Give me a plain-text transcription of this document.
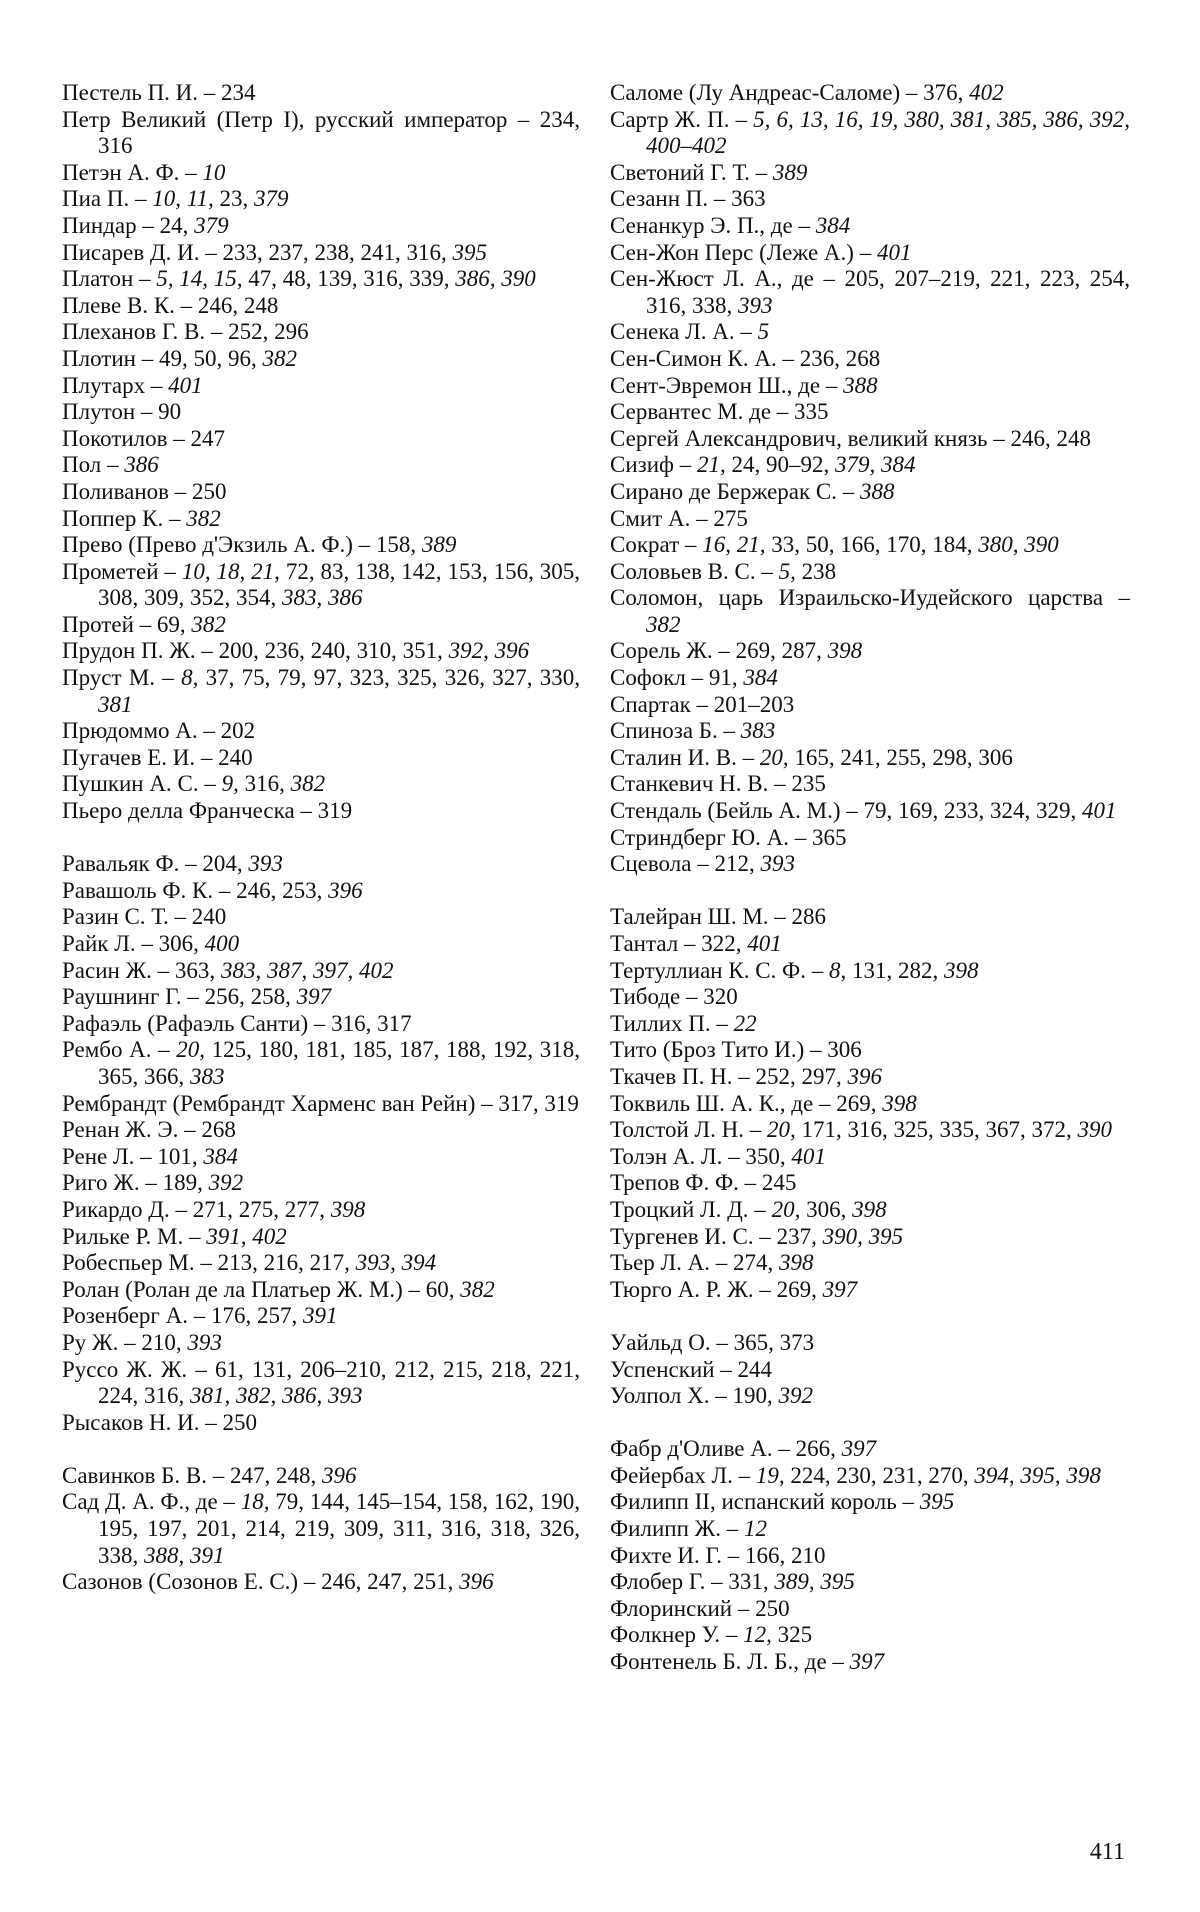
Пестель П. И. – 234
Петр Великий (Петр I), русский император – 234, 316
Петэн А. Ф. – 10
Пиа П. – 10, 11, 23, 379
Пиндар – 24, 379
Писарев Д. И. – 233, 237, 238, 241, 316, 395
Платон – 5, 14, 15, 47, 48, 139, 316, 339, 386, 390
Плеве В. К. – 246, 248
Плеханов Г. В. – 252, 296
Плотин – 49, 50, 96, 382
Плутарх – 401
Плутон – 90
Покотилов – 247
Пол – 386
Поливанов – 250
Поппер К. – 382
Прево (Прево д'Экзиль А. Ф.) – 158, 389
Прометей – 10, 18, 21, 72, 83, 138, 142, 153, 156, 305, 308, 309, 352, 354, 383, 386
Протей – 69, 382
Прудон П. Ж. – 200, 236, 240, 310, 351, 392, 396
Пруст М. – 8, 37, 75, 79, 97, 323, 325, 326, 327, 330, 381
Прюдоммо А. – 202
Пугачев Е. И. – 240
Пушкин А. С. – 9, 316, 382
Пьеро делла Франческа – 319
Равальяк Ф. – 204, 393
Равашоль Ф. К. – 246, 253, 396
Разин С. Т. – 240
Райк Л. – 306, 400
Расин Ж. – 363, 383, 387, 397, 402
Раушнинг Г. – 256, 258, 397
Рафаэль (Рафаэль Санти) – 316, 317
Рембо А. – 20, 125, 180, 181, 185, 187, 188, 192, 318, 365, 366, 383
Рембрандт (Рембрандт Харменс ван Рейн) – 317, 319
Ренан Ж. Э. – 268
Рене Л. – 101, 384
Риго Ж. – 189, 392
Рикардо Д. – 271, 275, 277, 398
Рильке Р. М. – 391, 402
Робеспьер М. – 213, 216, 217, 393, 394
Ролан (Ролан де ла Платьер Ж. М.) – 60, 382
Розенберг А. – 176, 257, 391
Ру Ж. – 210, 393
Руссо Ж. Ж. – 61, 131, 206–210, 212, 215, 218, 221, 224, 316, 381, 382, 386, 393
Рысаков Н. И. – 250
Савинков Б. В. – 247, 248, 396
Сад Д. А. Ф., де – 18, 79, 144, 145–154, 158, 162, 190, 195, 197, 201, 214, 219, 309, 311, 316, 318, 326, 338, 388, 391
Сазонов (Созонов Е. С.) – 246, 247, 251, 396
Саломе (Лу Андреас-Саломе) – 376, 402
Сартр Ж. П. – 5, 6, 13, 16, 19, 380, 381, 385, 386, 392, 400–402
Светоний Г. Т. – 389
Сезанн П. – 363
Сенанкур Э. П., де – 384
Сен-Жон Перс (Леже А.) – 401
Сен-Жюст Л. А., де – 205, 207–219, 221, 223, 254, 316, 338, 393
Сенека Л. А. – 5
Сен-Симон К. А. – 236, 268
Сент-Эвремон Ш., де – 388
Сервантес М. де – 335
Сергей Александрович, великий князь – 246, 248
Сизиф – 21, 24, 90–92, 379, 384
Сирано де Бержерак С. – 388
Смит А. – 275
Сократ – 16, 21, 33, 50, 166, 170, 184, 380, 390
Соловьев В. С. – 5, 238
Соломон, царь Израильско-Иудейского царства – 382
Сорель Ж. – 269, 287, 398
Софокл – 91, 384
Спартак – 201–203
Спиноза Б. – 383
Сталин И. В. – 20, 165, 241, 255, 298, 306
Станкевич Н. В. – 235
Стендаль (Бейль А. М.) – 79, 169, 233, 324, 329, 401
Стриндберг Ю. А. – 365
Сцевола – 212, 393
Талейран Ш. М. – 286
Тантал – 322, 401
Тертуллиан К. С. Ф. – 8, 131, 282, 398
Тибоде – 320
Тиллих П. – 22
Тито (Броз Тито И.) – 306
Ткачев П. Н. – 252, 297, 396
Токвиль Ш. А. К., де – 269, 398
Толстой Л. Н. – 20, 171, 316, 325, 335, 367, 372, 390
Толэн А. Л. – 350, 401
Трепов Ф. Ф. – 245
Троцкий Л. Д. – 20, 306, 398
Тургенев И. С. – 237, 390, 395
Тьер Л. А. – 274, 398
Тюрго А. Р. Ж. – 269, 397
Уайльд О. – 365, 373
Успенский – 244
Уолпол Х. – 190, 392
Фабр д'Оливе А. – 266, 397
Фейербах Л. – 19, 224, 230, 231, 270, 394, 395, 398
Филипп II, испанский король – 395
Филипп Ж. – 12
Фихте И. Г. – 166, 210
Флобер Г. – 331, 389, 395
Флоринский – 250
Фолкнер У. – 12, 325
Фонтенель Б. Л. Б., де – 397
411
